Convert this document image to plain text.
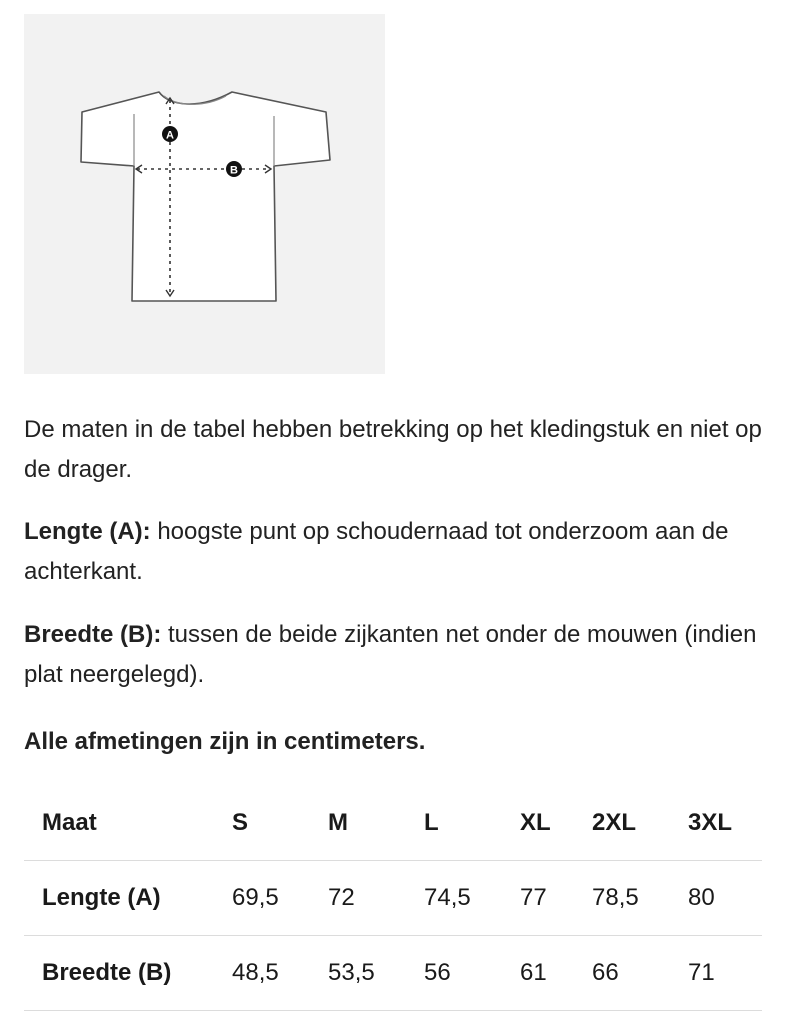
A
B
De maten in de tabel hebben betrekking op het kledingstuk en niet op de drager.
Lengte (A): hoogste punt op schoudernaad tot onderzoom aan de achterkant.
Breedte (B): tussen de beide zijkanten net onder de mouwen (indien plat neergelegd).
Alle afmetingen zijn in centimeters.
Maat	S	M	L	XL	2XL	3XL
Lengte (A)	69,5	72	74,5	77	78,5	80
Breedte (B)	48,5	53,5	56	61	66	71
